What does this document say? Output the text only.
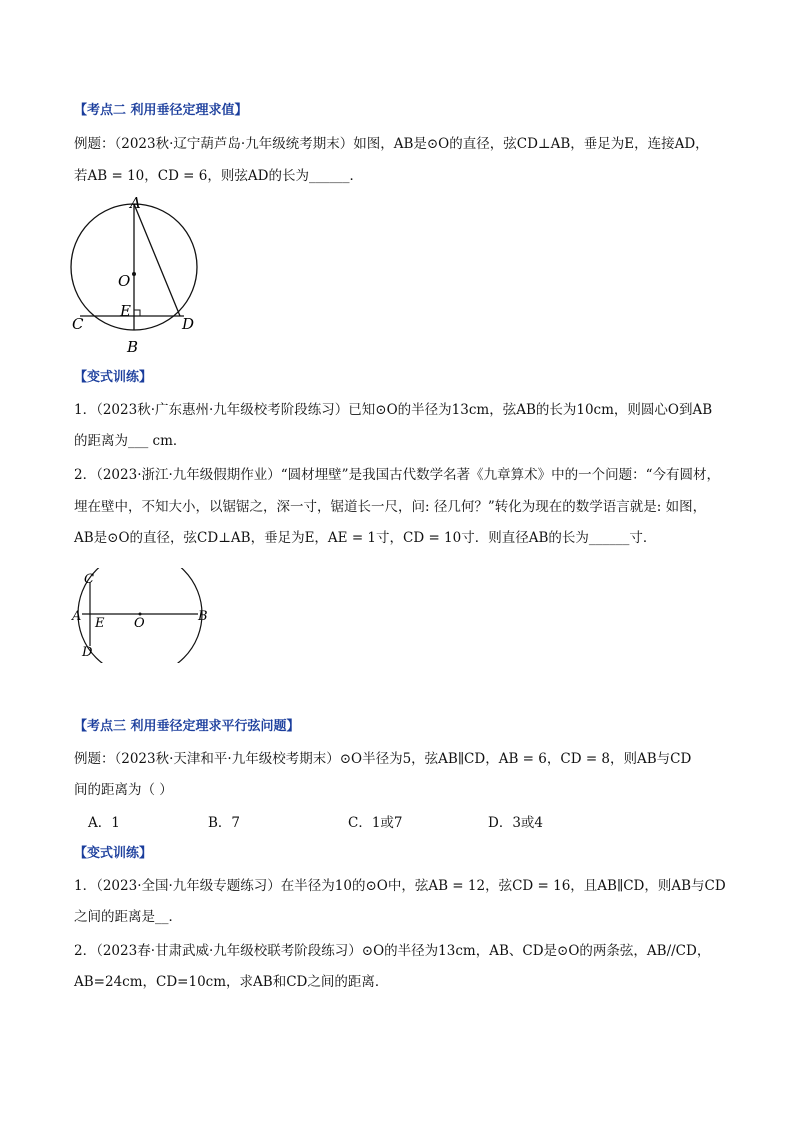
【考点二 利用垂径定理求值】
例题：（2023秋·辽宁葫芦岛·九年级统考期末）如图，AB是⊙O的直径，弦CD⊥AB，垂足为E，连接AD，
若AB = 10，CD = 6，则弦AD的长为______．
A
O
E
C	D
B
【变式训练】
1．（2023秋·广东惠州·九年级校考阶段练习）已知⊙O的半径为13cm，弦AB的长为10cm，则圆心O到AB
的距离为___ cm．
2．（2023·浙江·九年级假期作业）“圆材埋壁”是我国古代数学名著《九章算术》中的一个问题：“今有圆材，
埋在壁中，不知大小，以锯锯之，深一寸，锯道长一尺，问: 径几何？”转化为现在的数学语言就是: 如图，
AB是⊙O的直径，弦CD⊥AB，垂足为E，AE = 1寸，CD = 10寸．则直径AB的长为______寸．
C
A E O	B
D
【考点三 利用垂径定理求平行弦问题】
例题：（2023秋·天津和平·九年级校考期末）⊙O半径为5，弦AB∥CD，AB = 6，CD = 8，则AB与CD
间的距离为（ ）
A．1	B．7	C．1或7	D．3或4
【变式训练】
1．（2023·全国·九年级专题练习）在半径为10的⊙O中，弦AB = 12，弦CD = 16，且AB∥CD，则AB与CD
之间的距离是__．
2．（2023春·甘肃武威·九年级校联考阶段练习）⊙O的半径为13cm，AB、CD是⊙O的两条弦，AB//CD，
AB=24cm，CD=10cm，求AB和CD之间的距离．
